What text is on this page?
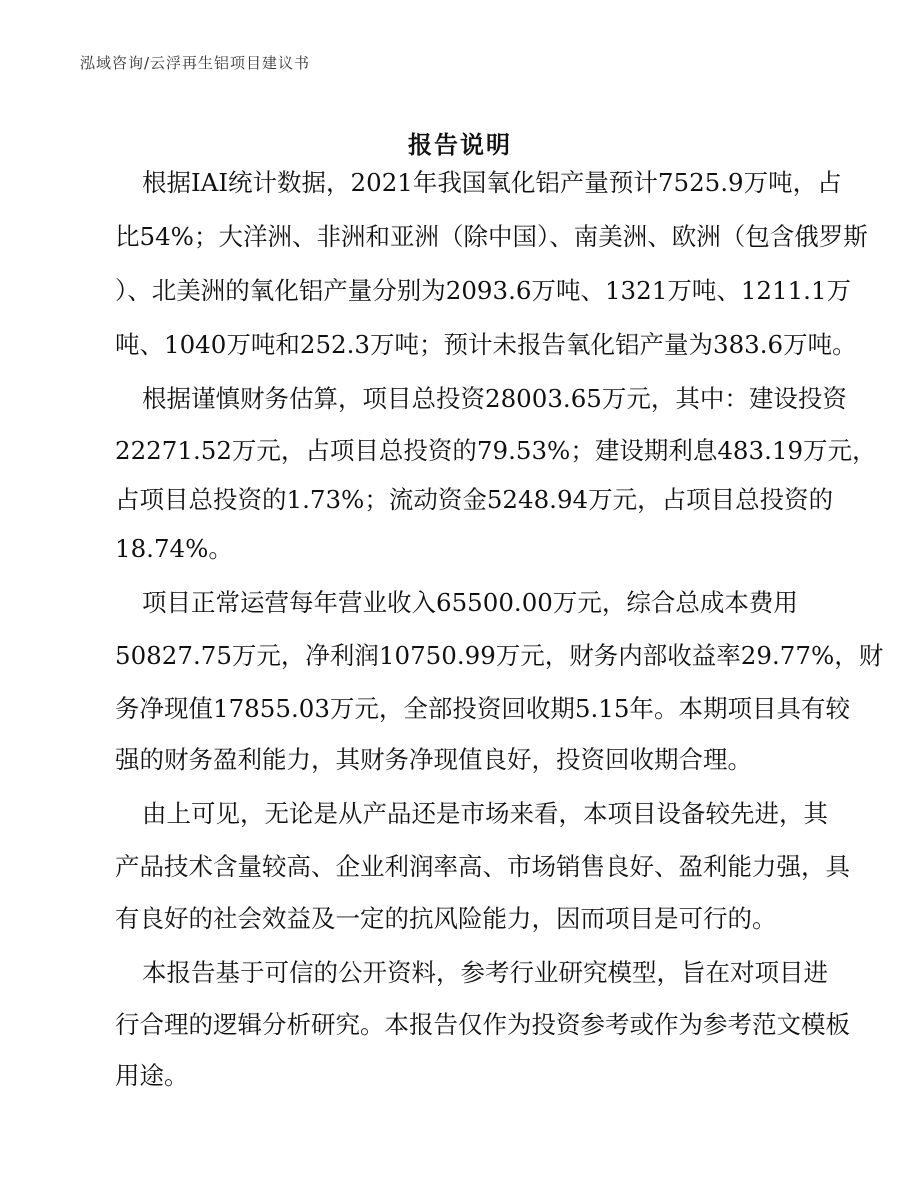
泓域咨询/云浮再生铝项目建议书
报告说明
根据IAI统计数据，2021年我国氧化铝产量预计7525.9万吨，占
比54%；大洋洲、非洲和亚洲（除中国）、南美洲、欧洲（包含俄罗斯
）、北美洲的氧化铝产量分别为2093.6万吨、1321万吨、1211.1万
吨、1040万吨和252.3万吨；预计未报告氧化铝产量为383.6万吨。
根据谨慎财务估算，项目总投资28003.65万元，其中：建设投资
22271.52万元，占项目总投资的79.53%；建设期利息483.19万元，
占项目总投资的1.73%；流动资金5248.94万元，占项目总投资的
18.74%。
项目正常运营每年营业收入65500.00万元，综合总成本费用
50827.75万元，净利润10750.99万元，财务内部收益率29.77%，财
务净现值17855.03万元，全部投资回收期5.15年。本期项目具有较
强的财务盈利能力，其财务净现值良好，投资回收期合理。
由上可见，无论是从产品还是市场来看，本项目设备较先进，其
产品技术含量较高、企业利润率高、市场销售良好、盈利能力强，具
有良好的社会效益及一定的抗风险能力，因而项目是可行的。
本报告基于可信的公开资料，参考行业研究模型，旨在对项目进
行合理的逻辑分析研究。本报告仅作为投资参考或作为参考范文模板
用途。
